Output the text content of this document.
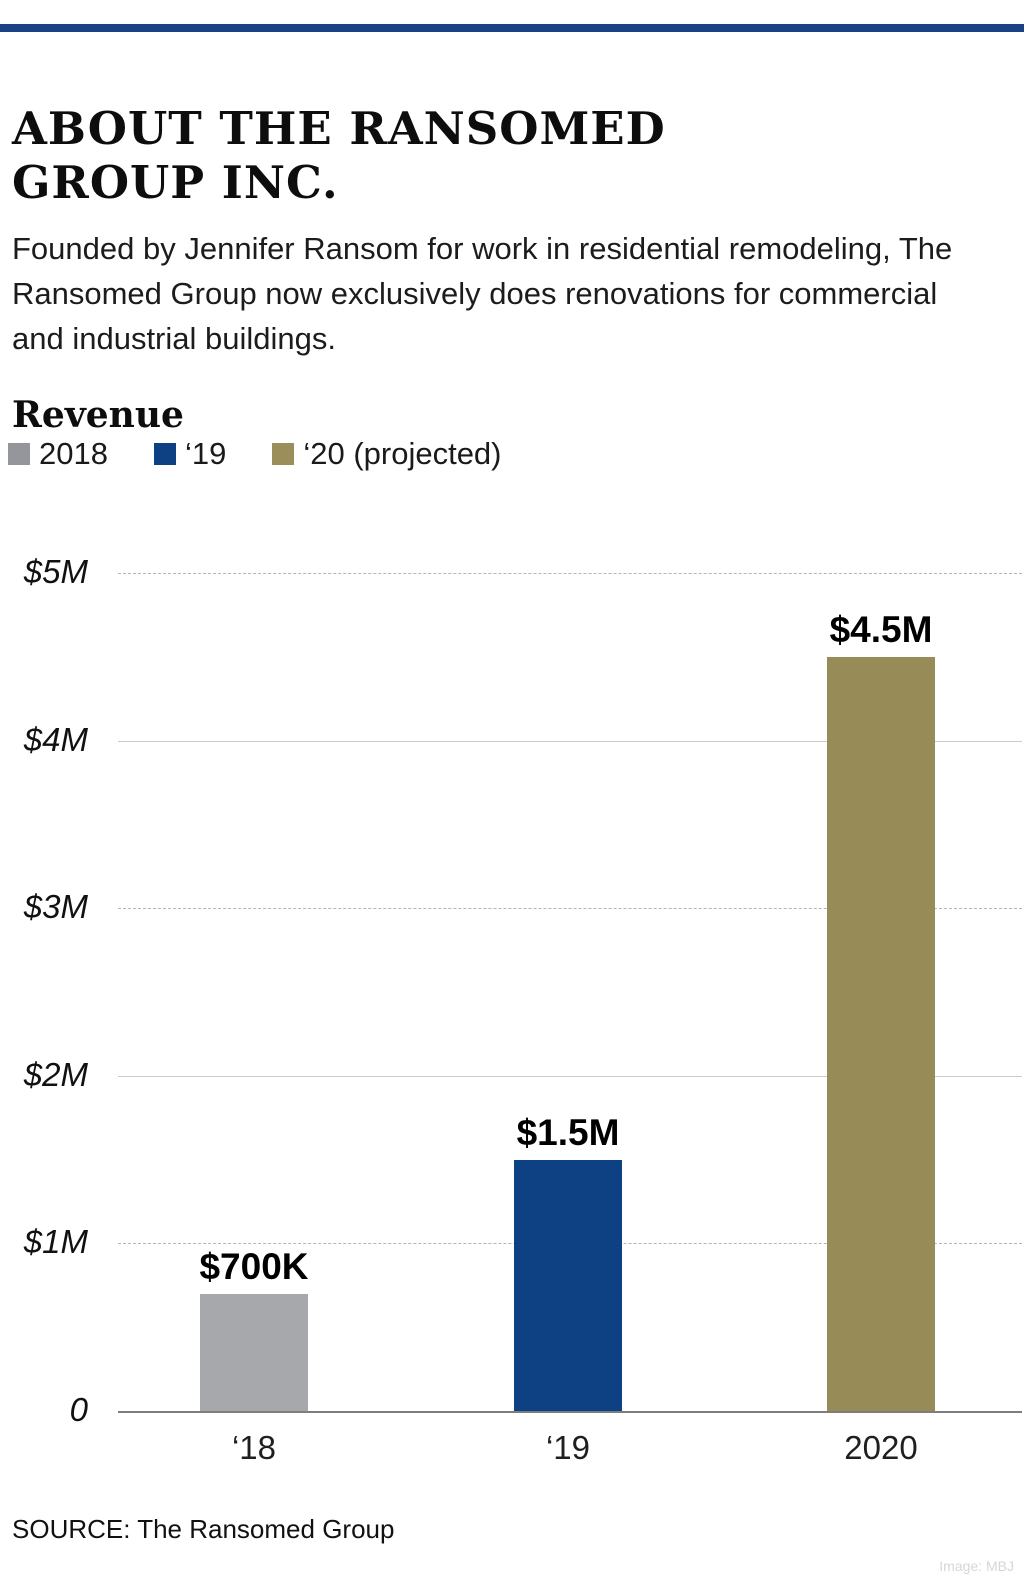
ABOUT THE RANSOMED
GROUP INC.

Founded by Jennifer Ransom for work in residential remodeling, The Ransomed Group now exclusively does renovations for commercial and industrial buildings.

Revenue
2018 ‘19 ‘20 (projected)
$5M
$4M
$3M
$2M
$1M
0
$700K
‘18
$1.5M
‘19
$4.5M
2020
SOURCE: The Ransomed Group
Image: MBJ
